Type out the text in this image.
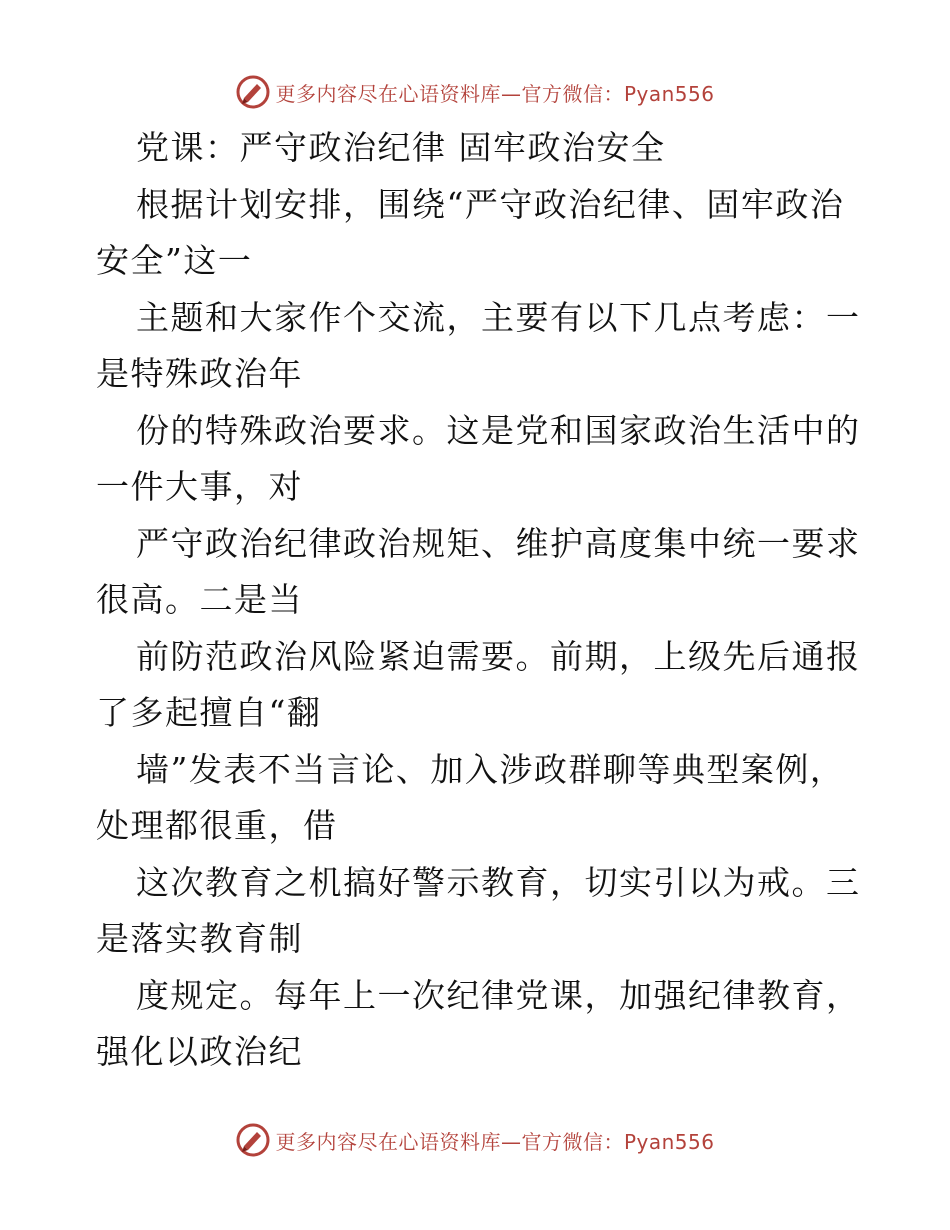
更多内容尽在心语资料库—官方微信：Pyan556
党课：严守政治纪律 固牢政治安全
根据计划安排，围绕“严守政治纪律、固牢政治
安全”这一
主题和大家作个交流，主要有以下几点考虑：一
是特殊政治年
份的特殊政治要求。这是党和国家政治生活中的
一件大事，对
严守政治纪律政治规矩、维护高度集中统一要求
很高。二是当
前防范政治风险紧迫需要。前期，上级先后通报
了多起擅自“翻
墙”发表不当言论、加入涉政群聊等典型案例，
处理都很重，借
这次教育之机搞好警示教育，切实引以为戒。三
是落实教育制
度规定。每年上一次纪律党课，加强纪律教育，
强化以政治纪
更多内容尽在心语资料库—官方微信：Pyan556
